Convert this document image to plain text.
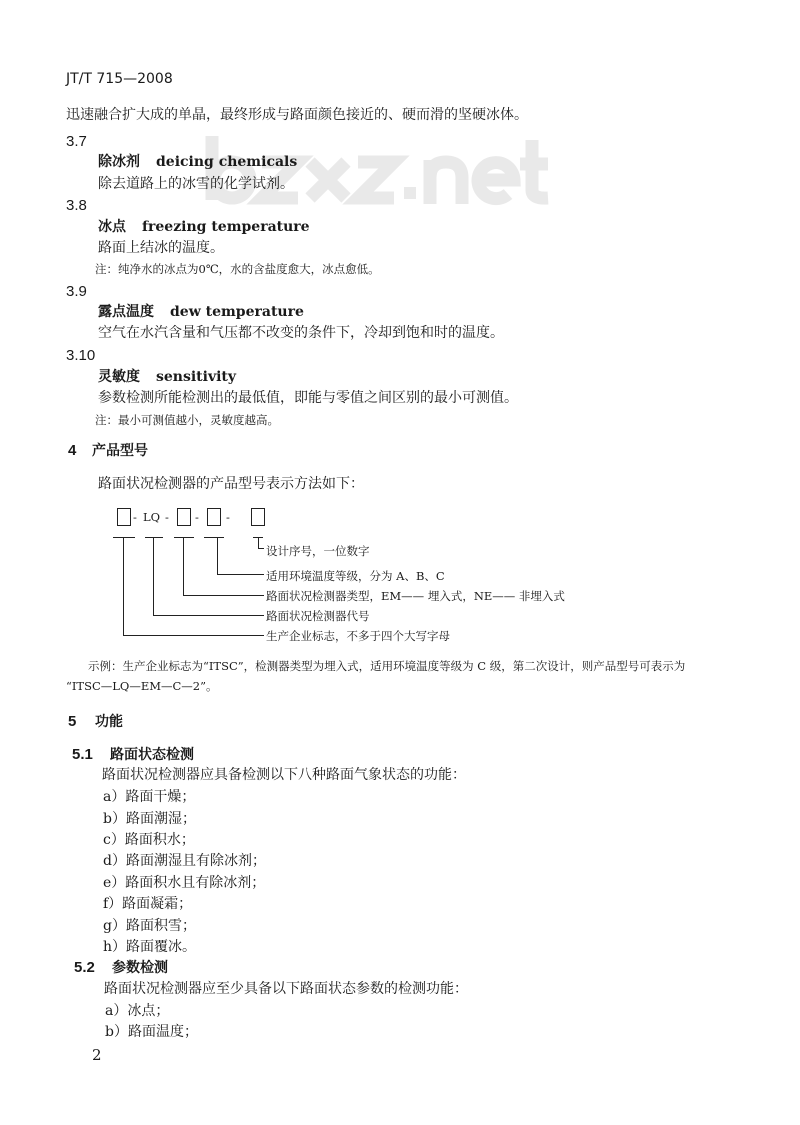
JT/T 715—2008
迅速融合扩大成的单晶，最终形成与路面颜色接近的、硬而滑的坚硬冰体。
3.7
除冰剂 deicing chemicals
除去道路上的冰雪的化学试剂。
3.8
冰点 freezing temperature
路面上结冰的温度。
注：纯净水的冰点为0℃，水的含盐度愈大，冰点愈低。
3.9
露点温度 dew temperature
空气在水汽含量和气压都不改变的条件下，冷却到饱和时的温度。
3.10
灵敏度 sensitivity
参数检测所能检测出的最低值，即能与零值之间区别的最小可测值。
注：最小可测值越小，灵敏度越高。
4 产品型号
路面状况检测器的产品型号表示方法如下：
- LQ - - -
设计序号，一位数字
适用环境温度等级，分为 A、B、C
路面状况检测器类型，EM—— 埋入式，NE—— 非埋入式
路面状况检测器代号
生产企业标志，不多于四个大写字母
示例：生产企业标志为“ITSC”，检测器类型为埋入式，适用环境温度等级为 C 级，第二次设计，则产品型号可表示为
“ITSC—LQ—EM—C—2”。
5 功能
5.1 路面状态检测
路面状况检测器应具备检测以下八种路面气象状态的功能：
a）路面干燥；
b）路面潮湿；
c）路面积水；
d）路面潮湿且有除冰剂；
e）路面积水且有除冰剂；
f）路面凝霜；
g）路面积雪；
h）路面覆冰。
5.2 参数检测
路面状况检测器应至少具备以下路面状态参数的检测功能：
a）冰点；
b）路面温度；
2
